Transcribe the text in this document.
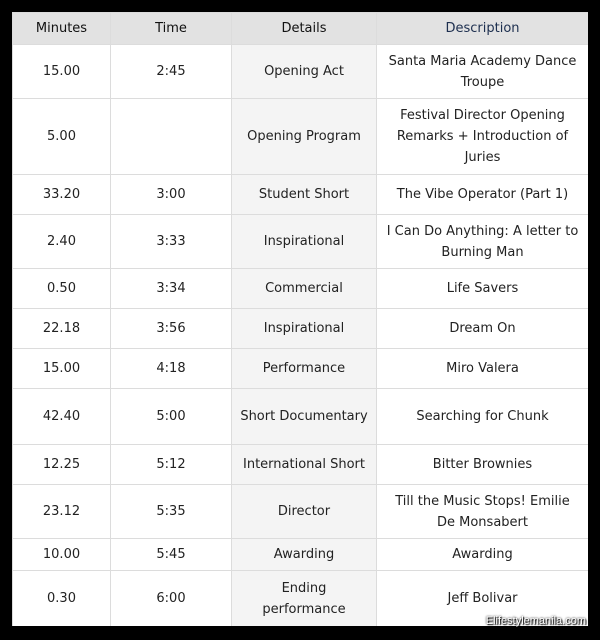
Minutes	Time	Details	Description
15.00	2:45	Opening Act	Santa Maria Academy Dance Troupe
5.00		Opening Program	Festival Director Opening Remarks + Introduction of Juries
33.20	3:00	Student Short	The Vibe Operator (Part 1)
2.40	3:33	Inspirational	I Can Do Anything: A letter to Burning Man
0.50	3:34	Commercial	Life Savers
22.18	3:56	Inspirational	Dream On
15.00	4:18	Performance	Miro Valera
42.40	5:00	Short Documentary	Searching for Chunk
12.25	5:12	International Short	Bitter Brownies
23.12	5:35	Director	Till the Music Stops! Emilie De Monsabert
10.00	5:45	Awarding	Awarding
0.30	6:00	Ending performance	Jeff Bolivar
Elifestylemanila.com
